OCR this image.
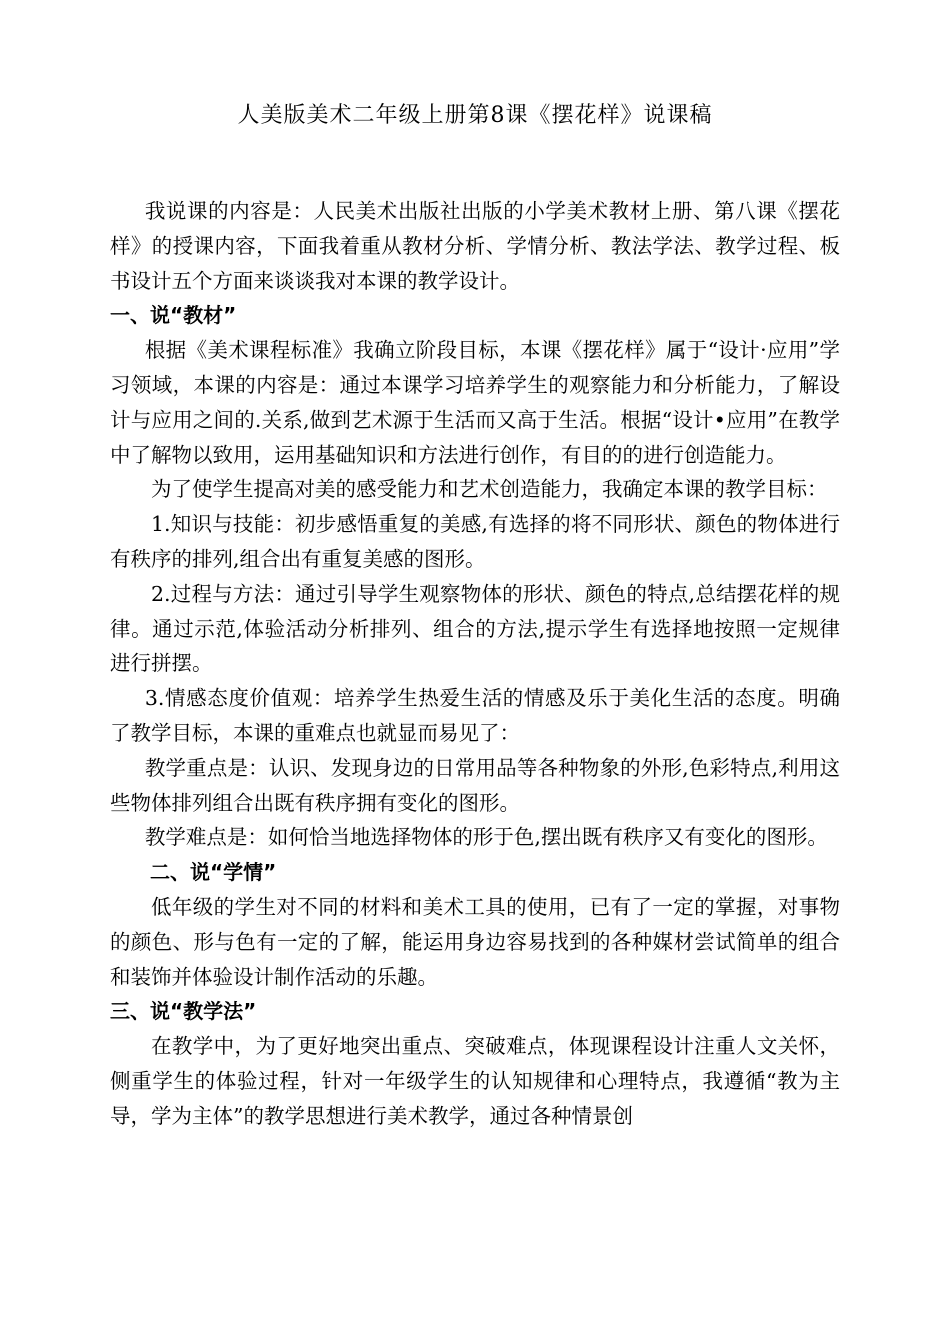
人美版美术二年级上册第8课《摆花样》说课稿

我说课的内容是：人民美术出版社出版的小学美术教材上册、第八课《摆花样》的授课内容，下面我着重从教材分析、学情分析、教法学法、教学过程、板书设计五个方面来谈谈我对本课的教学设计。

一、说“教材”

根据《美术课程标准》我确立阶段目标，本课《摆花样》属于“设计·应用”学习领域，本课的内容是：通过本课学习培养学生的观察能力和分析能力，了解设计与应用之间的.关系,做到艺术源于生活而又高于生活。根据“设计•应用”在教学中了解物以致用，运用基础知识和方法进行创作，有目的的进行创造能力。

为了使学生提高对美的感受能力和艺术创造能力，我确定本课的教学目标：

1.知识与技能：初步感悟重复的美感,有选择的将不同形状、颜色的物体进行有秩序的排列,组合出有重复美感的图形。

2.过程与方法：通过引导学生观察物体的形状、颜色的特点,总结摆花样的规律。通过示范,体验活动分析排列、组合的方法,提示学生有选择地按照一定规律进行拼摆。

3.情感态度价值观：培养学生热爱生活的情感及乐于美化生活的态度。明确了教学目标，本课的重难点也就显而易见了：

教学重点是：认识、发现身边的日常用品等各种物象的外形,色彩特点,利用这些物体排列组合出既有秩序拥有变化的图形。

教学难点是：如何恰当地选择物体的形于色,摆出既有秩序又有变化的图形。

二、说“学情”

低年级的学生对不同的材料和美术工具的使用，已有了一定的掌握，对事物的颜色、形与色有一定的了解，能运用身边容易找到的各种媒材尝试简单的组合和装饰并体验设计制作活动的乐趣。

三、说“教学法”

在教学中，为了更好地突出重点、突破难点，体现课程设计注重人文关怀，侧重学生的体验过程，针对一年级学生的认知规律和心理特点，我遵循“教为主导，学为主体”的教学思想进行美术教学，通过各种情景创
